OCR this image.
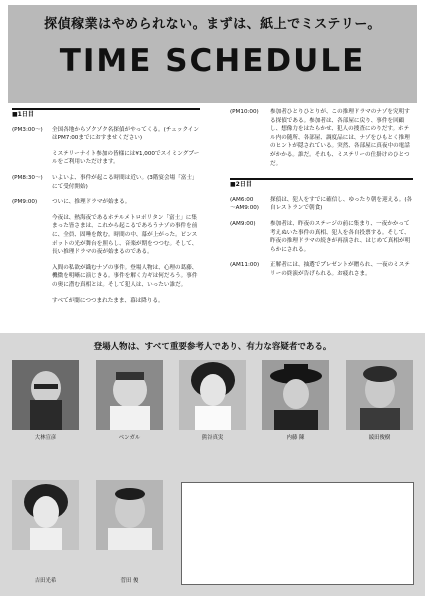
探偵稼業はやめられない。まずは、紙上でミステリー。
TIME SCHEDULE
■1日目
(PM3:00〜)	全国各地からゾクゾク名探偵がやってくる。(チェックインはPM7:00までにおすませください)
ミステリーナイト参加の皆様には¥1,000でスイミングプールをご利用いただけます。
(PM8:30〜)	いよいよ、事件が起こる時間は近い。(3階宴会場「富士」にて受付開始)
(PM9:00)	ついに、推理ドラマが始まる。
今夜は、熱海夜であるホテルメトロポリタン「富士」に集まった皆さまは、これから起こるであろうナゾの事件を前に、全員、固唾を飲む。時間の中、幕が上がった。ピンスポットの光が舞台を照らし、音楽が期をつつむ。そして、長い推理ドラマの夜が始まるのである。
入間の私欲が織むナゾの事件。登場人物は、心理の葛藤、機微を明晰に演じきる。事件を解く力ギは何だろう。事件の奥に潜む真相とは。そして犯人は、いったい誰だ。
すべてが闇につつまれたまま、幕は降りる。
(PM10:00)	参加者ひとりひとりが、この推理ドラマのナゾを究明する探偵である。参加者は、各部屋に戻り、事件を回顧し、想像力をはたらかせ、犯人の捜査にのりだす。ホテル内の随所、各部屋、調度品には、ナゾをひもとく推理のヒントが隠されている。突然、各部屋に真夜中の電話がかかる。誰だ。それも、ミステリーの仕掛けのひとつだ。
■2日目
(AM6:00
〜AM9:00)
探偵は、犯人をすでに確信し、ゆったり朝を迎える。(各自レストランで朝食)
(AM9:00)	参加者は、昨夜のステージの前に集まり、一夜かかって考えぬいた事件の真相、犯人を各自投票する。そして、昨夜の推理ドラマの続きが再演され、はじめて真相が明らかにされる。
(AM11:00)	正解者には、抽選でプレゼントが贈られ、一夜のミステリーの終演が告げられる。お疲れさま。
登場人物は、すべて重要参考人であり、有力な容疑者である。
大林宣彦	ベンガル	熊谷真実	内藤 陳	綾田俊樹
吉田光希	菅田 俊
